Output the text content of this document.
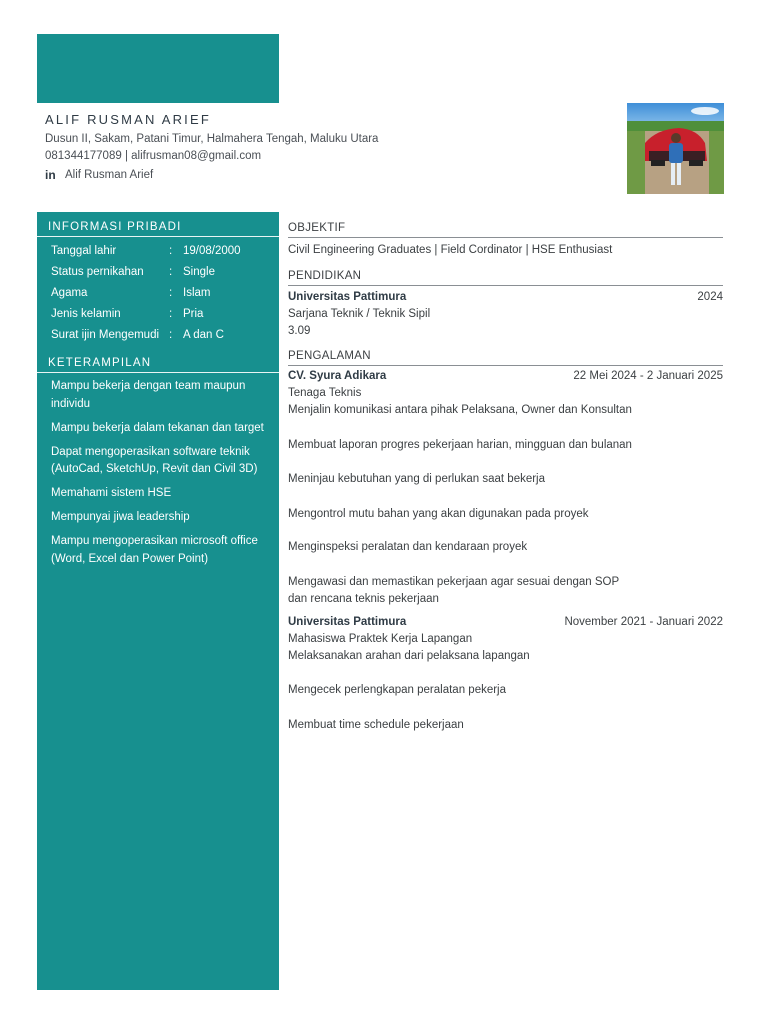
ALIF RUSMAN ARIEF
Dusun II, Sakam, Patani Timur, Halmahera Tengah, Maluku Utara
081344177089 | alifrusman08@gmail.com
in Alif Rusman Arief
INFORMASI PRIBADI
Tanggal lahir	: 19/08/2000
Status pernikahan	: Single
Agama	: Islam
Jenis kelamin	: Pria
Surat ijin Mengemudi : A dan C
KETERAMPILAN
Mampu bekerja dengan team maupun individu
Mampu bekerja dalam tekanan dan target
Dapat mengoperasikan software teknik (AutoCad, SketchUp, Revit dan Civil 3D)
Memahami sistem HSE
Mempunyai jiwa leadership
Mampu mengoperasikan microsoft office (Word, Excel dan Power Point)
OBJEKTIF
Civil Engineering Graduates | Field Cordinator | HSE Enthusiast
PENDIDIKAN
Universitas Pattimura	2024
Sarjana Teknik / Teknik Sipil
3.09
PENGALAMAN
CV. Syura Adikara	22 Mei 2024 - 2 Januari 2025
Tenaga Teknis
Menjalin komunikasi antara pihak Pelaksana, Owner dan Konsultan
Membuat laporan progres pekerjaan harian, mingguan dan bulanan
Meninjau kebutuhan yang di perlukan saat bekerja
Mengontrol mutu bahan yang akan digunakan pada proyek
Menginspeksi peralatan dan kendaraan proyek
Mengawasi dan memastikan pekerjaan agar sesuai dengan SOP dan rencana teknis pekerjaan
Universitas Pattimura	November 2021 - Januari 2022
Mahasiswa Praktek Kerja Lapangan
Melaksanakan arahan dari pelaksana lapangan
Mengecek perlengkapan peralatan pekerja
Membuat time schedule pekerjaan
